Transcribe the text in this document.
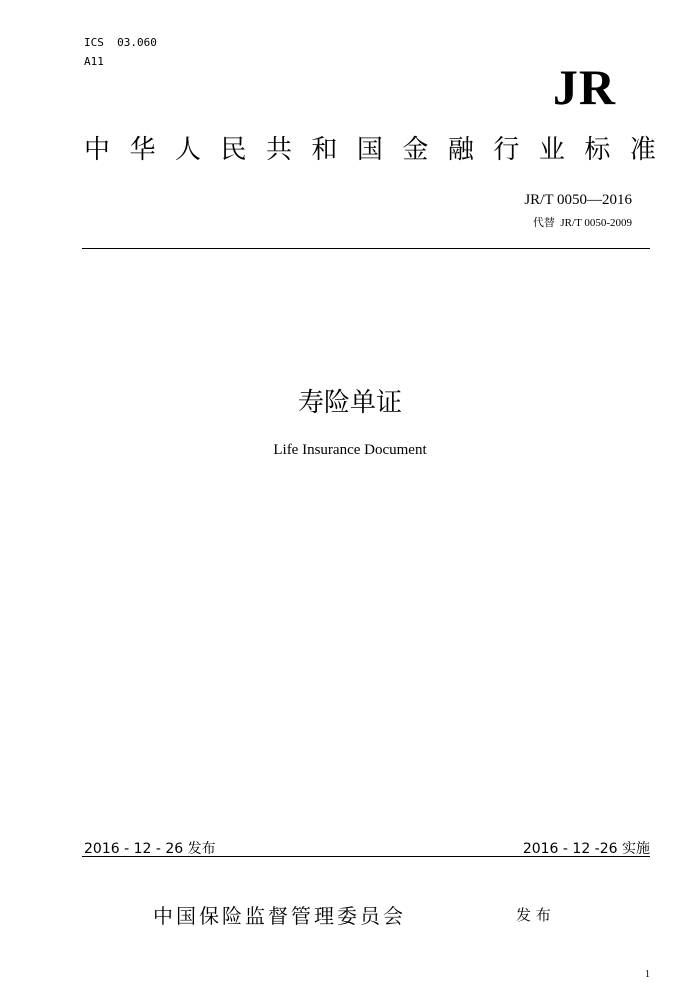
ICS  03.060
A11	JR
中 华 人 民 共 和 国 金 融 行 业 标 准
JR/T 0050—2016
代替  JR/T 0050-2009
寿险单证
Life Insurance Document
2016 - 12 - 26 发布	2016 - 12 -26 实施
中国保险监督管理委员会	发 布
1
